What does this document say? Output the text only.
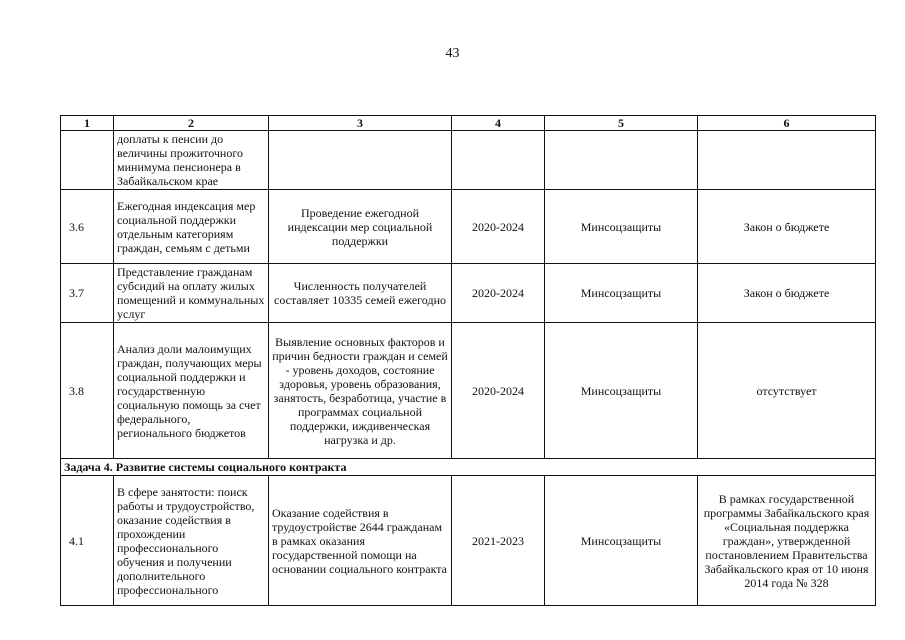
43
1	2	3	4	5	6
	доплаты к пенсии до величины прожиточного минимума пенсионера в Забайкальском крае				
3.6	Ежегодная индексация мер социальной поддержки отдельным категориям граждан, семьям с детьми	Проведение ежегодной индексации мер социальной поддержки	2020-2024	Минсоцзащиты	Закон о бюджете
3.7	Представление гражданам субсидий на оплату жилых помещений и коммунальных услуг	Численность получателей составляет 10335 семей ежегодно	2020-2024	Минсоцзащиты	Закон о бюджете
3.8	Анализ доли малоимущих граждан, получающих меры социальной поддержки и государственную социальную помощь за счет федерального, регионального бюджетов	Выявление основных факторов и причин бедности граждан и семей - уровень доходов, состояние здоровья, уровень образования, занятость, безработица, участие в программах социальной поддержки, иждивенческая нагрузка и др.	2020-2024	Минсоцзащиты	отсутствует
Задача 4. Развитие системы социального контракта					
4.1	В сфере занятости: поиск работы и трудоустройство, оказание содействия в прохождении профессионального обучения и получении дополнительного профессионального	Оказание содействия в трудоустройстве 2644 гражданам в рамках оказания государственной помощи на основании социального контракта	2021-2023	Минсоцзащиты	В рамках государственной программы Забайкальского края «Социальная поддержка граждан», утвержденной постановлением Правительства Забайкальского края от 10 июня 2014 года № 328
